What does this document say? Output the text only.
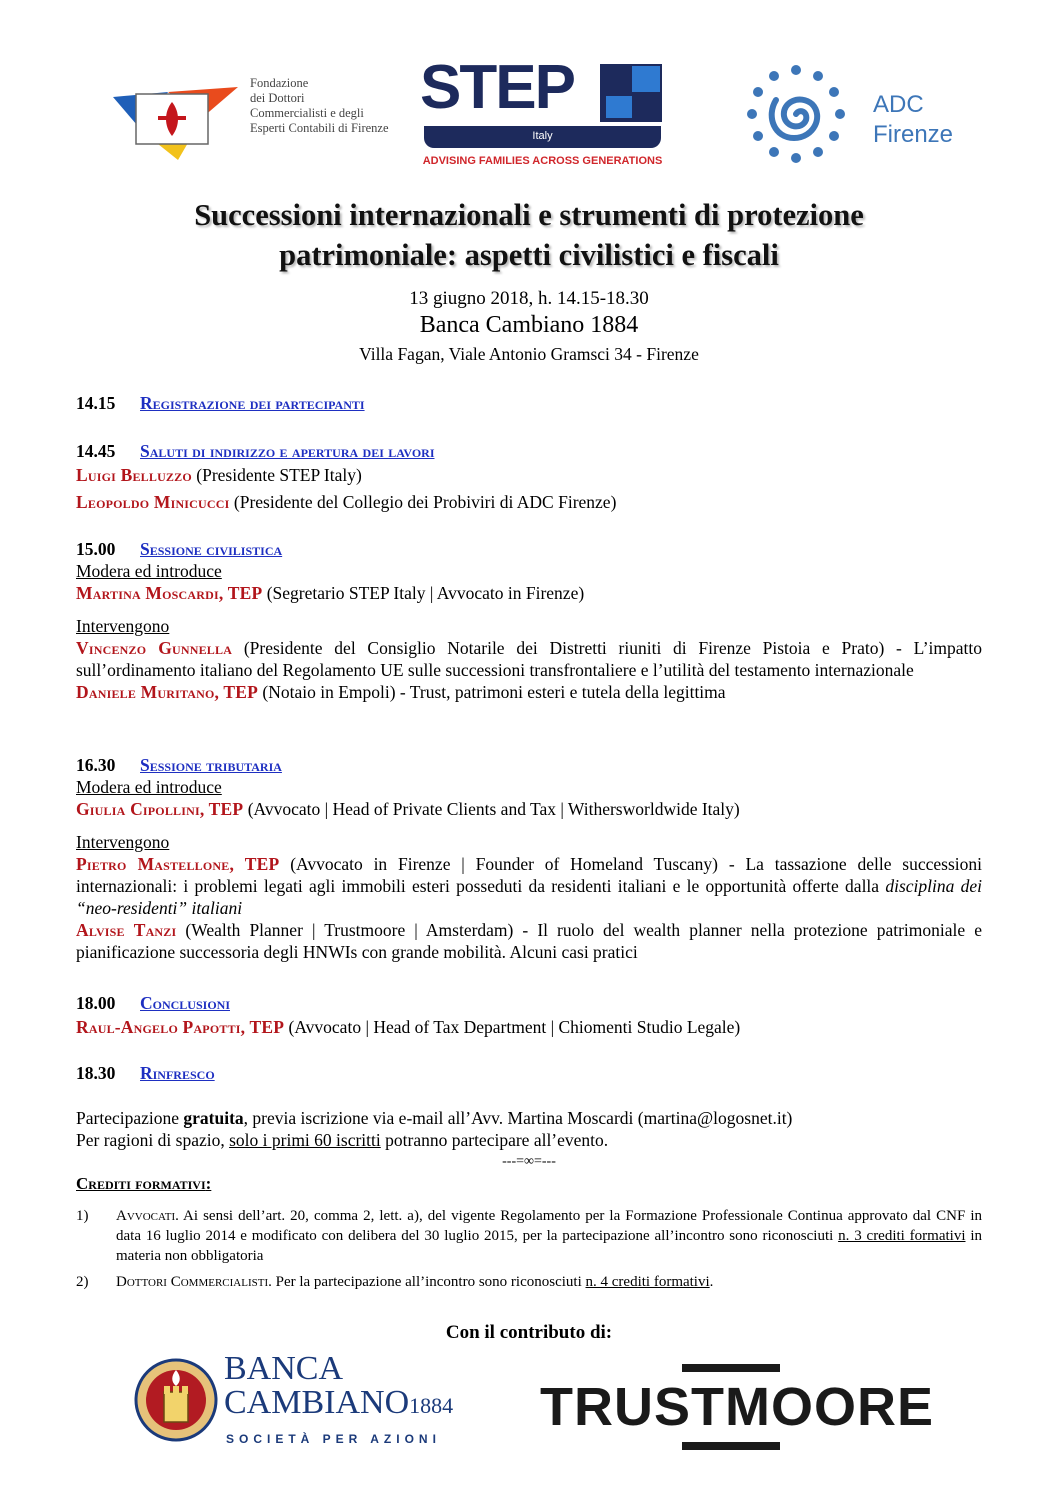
Fondazione
dei Dottori
Commercialisti e degli
Esperti Contabili di Firenze
STEP
Italy
ADVISING FAMILIES ACROSS GENERATIONS
ADC
Firenze
Successioni internazionali e strumenti di protezione
patrimoniale: aspetti civilistici e fiscali
13 giugno 2018, h. 14.15-18.30
Banca Cambiano 1884
Villa Fagan, Viale Antonio Gramsci 34 - Firenze
14.15 Registrazione dei partecipanti
14.45 Saluti di indirizzo e apertura dei lavori
Luigi Belluzzo (Presidente STEP Italy)
Leopoldo Minicucci (Presidente del Collegio dei Probiviri di ADC Firenze)
15.00 Sessione civilistica
Modera ed introduce
Martina Moscardi, TEP (Segretario STEP Italy | Avvocato in Firenze)
Intervengono
Vincenzo Gunnella (Presidente del Consiglio Notarile dei Distretti riuniti di Firenze Pistoia e Prato) - L’impatto sull’ordinamento italiano del Regolamento UE sulle successioni transfrontaliere e l’utilità del testamento internazionale
Daniele Muritano, TEP (Notaio in Empoli) - Trust, patrimoni esteri e tutela della legittima
16.30 Sessione tributaria
Modera ed introduce
Giulia Cipollini, TEP (Avvocato | Head of Private Clients and Tax | Withersworldwide Italy)
Intervengono
Pietro Mastellone, TEP (Avvocato in Firenze | Founder of Homeland Tuscany) - La tassazione delle successioni internazionali: i problemi legati agli immobili esteri posseduti da residenti italiani e le opportunità offerte dalla disciplina dei “neo-residenti” italiani
Alvise Tanzi (Wealth Planner | Trustmoore | Amsterdam) - Il ruolo del wealth planner nella protezione patrimoniale e pianificazione successoria degli HNWIs con grande mobilità. Alcuni casi pratici
18.00 Conclusioni
Raul-Angelo Papotti, TEP (Avvocato | Head of Tax Department | Chiomenti Studio Legale)
18.30 Rinfresco
Partecipazione gratuita, previa iscrizione via e-mail all’Avv. Martina Moscardi (martina@logosnet.it)
Per ragioni di spazio, solo i primi 60 iscritti potranno partecipare all’evento.
---=∞=---
Crediti formativi:
1) Avvocati. Ai sensi dell’art. 20, comma 2, lett. a), del vigente Regolamento per la Formazione Professionale Continua approvato dal CNF in data 16 luglio 2014 e modificato con delibera del 30 luglio 2015, per la partecipazione all’incontro sono riconosciuti n. 3 crediti formativi in materia non obbligatoria
2) Dottori Commercialisti. Per la partecipazione all’incontro sono riconosciuti n. 4 crediti formativi.
Con il contributo di:
BANCA
CAMBIANO1884
SOCIETÀ PER AZIONI
TRUSTMOORE
